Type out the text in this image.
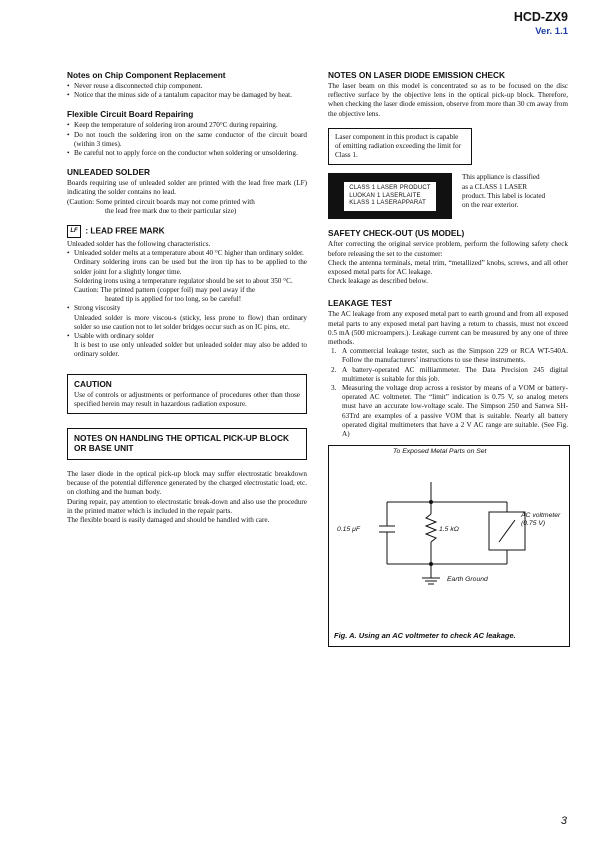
HCD-ZX9
Ver. 1.1
Notes on Chip Component Replacement
• Never reuse a disconnected chip component.
• Notice that the minus side of a tantalum capacitor may be damaged by heat.
Flexible Circuit Board Repairing
• Keep the temperature of soldering iron around 270°C during repairing.
• Do not touch the soldering iron on the same conductor of the circuit board (within 3 times).
• Be careful not to apply force on the conductor when soldering or unsoldering.
UNLEADED SOLDER

Boards requiring use of unleaded solder are printed with the lead free mark (LF) indicating the solder contains no lead.

(Caution: Some printed circuit boards may not come printed with

the lead free mark due to their particular size)
LF : LEAD FREE MARK

Unleaded solder has the following characteristics.

• Unleaded solder melts at a temperature about 40 °C higher than ordinary solder.
Ordinary soldering irons can be used but the iron tip has to be applied to the solder joint for a slightly longer time.
Soldering irons using a temperature regulator should be set to about 350 °C.
Caution: The printed pattern (copper foil) may peel away if the
heated tip is applied for too long, so be careful!
• Strong viscosity
Unleaded solder is more viscou-s (sticky, less prone to flow) than ordinary solder so use caution not to let solder bridges occur such as on IC pins, etc.
• Usable with ordinary solder
It is best to use only unleaded solder but unleaded solder may also be added to ordinary solder.
CAUTION

Use of controls or adjustments or performance of procedures other than those specified herein may result in hazardous radiation exposure.

NOTES ON HANDLING THE OPTICAL PICK-UP BLOCK OR BASE UNIT

The laser diode in the optical pick-up block may suffer electrostatic breakdown because of the potential difference generated by the charged electrostatic load, etc. on clothing and the human body.

During repair, pay attention to electrostatic break-down and also use the procedure in the printed matter which is included in the repair parts.

The flexible board is easily damaged and should be handled with care.

NOTES ON LASER DIODE EMISSION CHECK

The laser beam on this model is concentrated so as to be focused on the disc reflective surface by the objective lens in the optical pick-up block. Therefore, when checking the laser diode emission, observe from more than 30 cm away from the objective lens.

Laser component in this product is capable of emitting radiation exceeding the limit for Class 1.

CLASS 1 LASER PRODUCT
LUOKAN 1 LASERLAITE
KLASS 1 LASERAPPARAT

This appliance is classified as a CLASS 1 LASER product. This label is located on the rear exterior.

SAFETY CHECK-OUT (US MODEL)

After correcting the original service problem, perform the following safety check before releasing the set to the customer:

Check the antenna terminals, metal trim, “metallized” knobs, screws, and all other exposed metal parts for AC leakage.

Check leakage as described below.

LEAKAGE TEST

The AC leakage from any exposed metal part to earth ground and from all exposed metal parts to any exposed metal part having a return to chassis, must not exceed 0.5 mA (500 microampers.). Leakage current can be measured by any one of three methods.

1. A commercial leakage tester, such as the Simpson 229 or RCA WT-540A. Follow the manufacturers’ instructions to use these instruments.
2. A battery-operated AC milliammeter. The Data Precision 245 digital multimeter is suitable for this job.
3. Measuring the voltage drop across a resistor by means of a VOM or battery-operated AC voltmeter. The “limit” indication is 0.75 V, so analog meters must have an accurate low-voltage scale. The Simpson 250 and Sanwa SH-63Trd are examples of a passive VOM that is suitable. Nearly all battery operated digital multimeters that have a 2 V AC range are suitable. (See Fig. A)
To Exposed Metal Parts on Set
0.15 μF	1.5 kΩ
AC voltmeter (0.75 V)
Earth Ground
Fig. A. Using an AC voltmeter to check AC leakage.
3
